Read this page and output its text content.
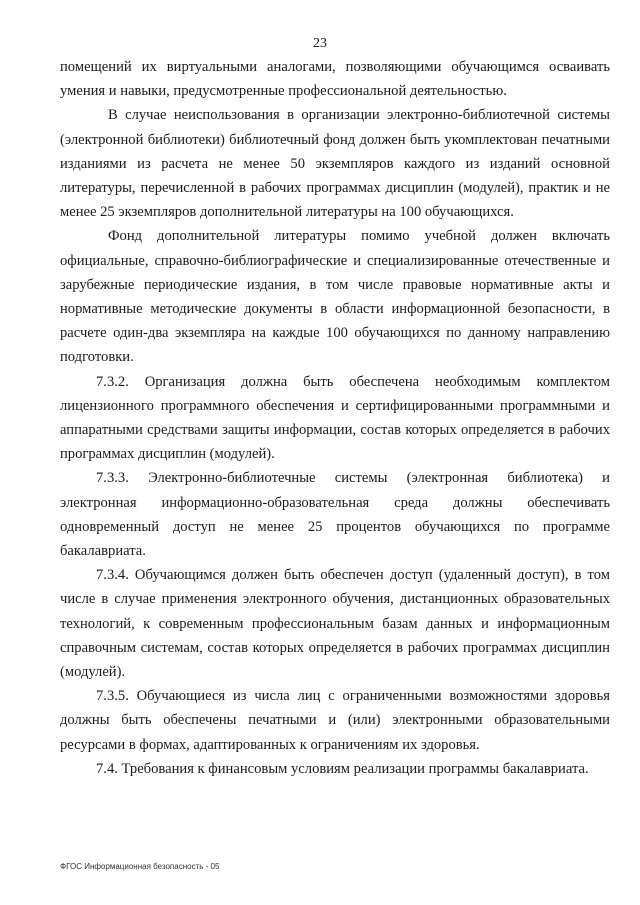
23

помещений их виртуальными аналогами, позволяющими обучающимся осваивать умения и навыки, предусмотренные профессиональной деятельностью.

В случае неиспользования в организации электронно-библиотечной системы (электронной библиотеки) библиотечный фонд должен быть укомплектован печатными изданиями из расчета не менее 50 экземпляров каждого из изданий основной литературы, перечисленной в рабочих программах дисциплин (модулей), практик и не менее 25 экземпляров дополнительной литературы на 100 обучающихся.

Фонд дополнительной литературы помимо учебной должен включать официальные, справочно-библиографические и специализированные отечественные и зарубежные периодические издания, в том числе правовые нормативные акты и нормативные методические документы в области информационной безопасности, в расчете один-два экземпляра на каждые 100 обучающихся по данному направлению подготовки.

7.3.2. Организация должна быть обеспечена необходимым комплектом лицензионного программного обеспечения и сертифицированными программными и аппаратными средствами защиты информации, состав которых определяется в рабочих программах дисциплин (модулей).

7.3.3. Электронно-библиотечные системы (электронная библиотека) и электронная информационно-образовательная среда должны обеспечивать одновременный доступ не менее 25 процентов обучающихся по программе бакалавриата.

7.3.4. Обучающимся должен быть обеспечен доступ (удаленный доступ), в том числе в случае применения электронного обучения, дистанционных образовательных технологий, к современным профессиональным базам данных и информационным справочным системам, состав которых определяется в рабочих программах дисциплин (модулей).

7.3.5. Обучающиеся из числа лиц с ограниченными возможностями здоровья должны быть обеспечены печатными и (или) электронными образовательными ресурсами в формах, адаптированных к ограничениям их здоровья.

7.4. Требования к финансовым условиям реализации программы бакалавриата.

ФГОС Информационная безопасность - 05
